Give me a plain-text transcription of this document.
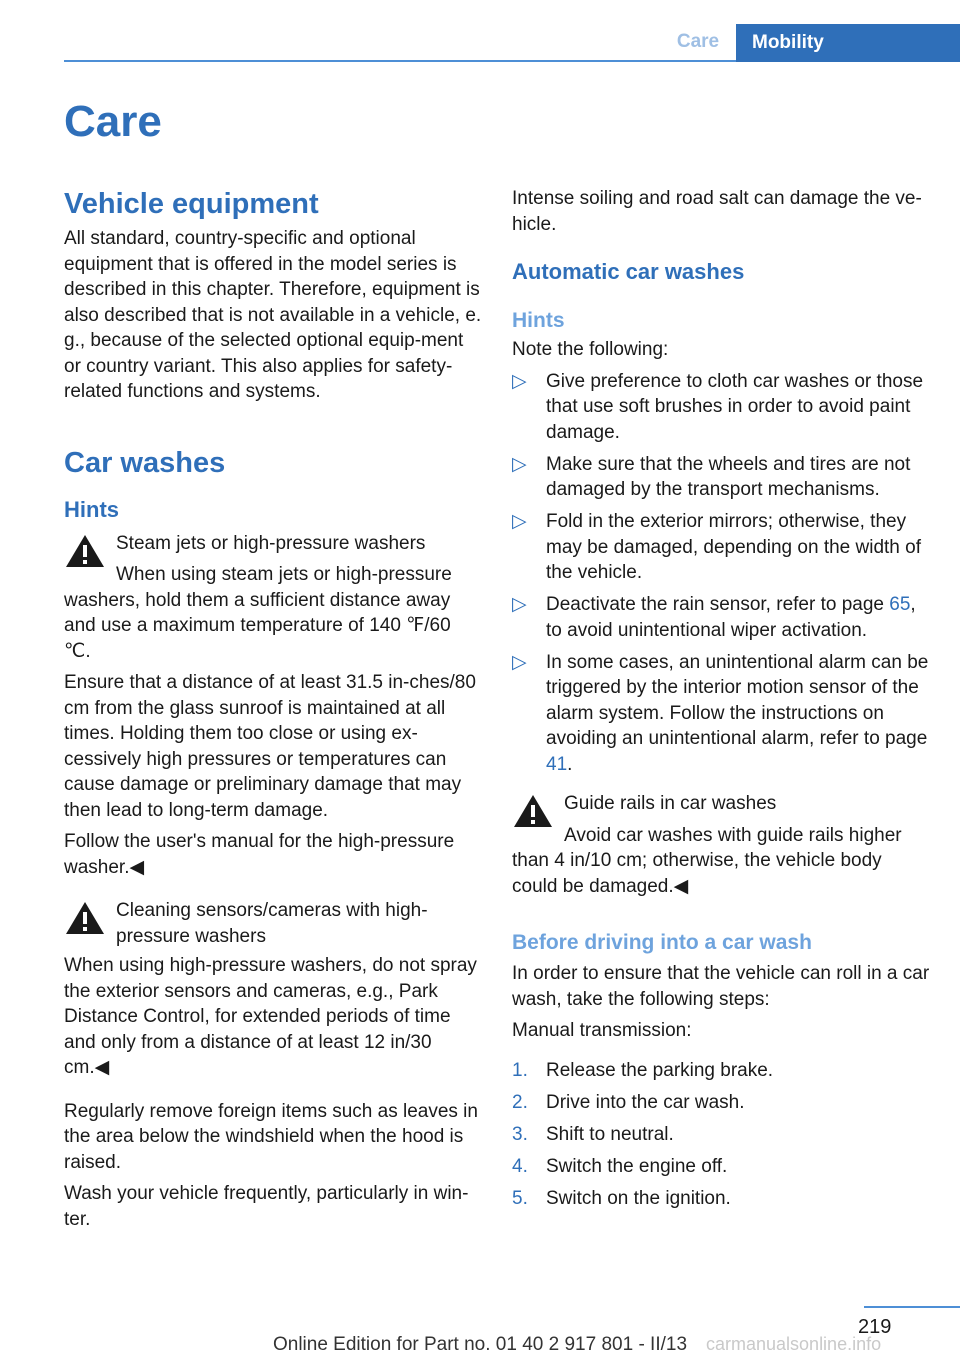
Care	Mobility
Care
Vehicle equipment

All standard, country-specific and optional equipment that is offered in the model series is described in this chapter. Therefore, equipment is also described that is not available in a vehicle, e. g., because of the selected optional equip-ment or country variant. This also applies for safety-related functions and systems.

Car washes
Hints

Steam jets or high-pressure washers

When using steam jets or high-pressure washers, hold them a sufficient distance away and use a maximum temperature of 140 ℉/60 ℃.

Ensure that a distance of at least 31.5 in-ches/80 cm from the glass sunroof is maintained at all times. Holding them too close or using ex-cessively high pressures or temperatures can cause damage or preliminary damage that may then lead to long-term damage.

Follow the user's manual for the high-pressure washer.◀

Cleaning sensors/cameras with high-pressure washers

When using high-pressure washers, do not spray the exterior sensors and cameras, e.g., Park Distance Control, for extended periods of time and only from a distance of at least 12 in/30 cm.◀

Regularly remove foreign items such as leaves in the area below the windshield when the hood is raised.

Wash your vehicle frequently, particularly in win-ter.

Intense soiling and road salt can damage the ve-hicle.

Automatic car washes
Hints

Note the following:

▷ Give preference to cloth car washes or those that use soft brushes in order to avoid paint damage.
▷ Make sure that the wheels and tires are not damaged by the transport mechanisms.
▷ Fold in the exterior mirrors; otherwise, they may be damaged, depending on the width of the vehicle.
▷ Deactivate the rain sensor, refer to page 65, to avoid unintentional wiper activation.
▷ In some cases, an unintentional alarm can be triggered by the interior motion sensor of the alarm system. Follow the instructions on avoiding an unintentional alarm, refer to page 41.

Guide rails in car washes

Avoid car washes with guide rails higher than 4 in/10 cm; otherwise, the vehicle body could be damaged.◀

Before driving into a car wash

In order to ensure that the vehicle can roll in a car wash, take the following steps:

Manual transmission:

1. Release the parking brake.
2. Drive into the car wash.
3. Shift to neutral.
4. Switch the engine off.
5. Switch on the ignition.
219
Online Edition for Part no. 01 40 2 917 801 - II/13	carmanualsonline.info
